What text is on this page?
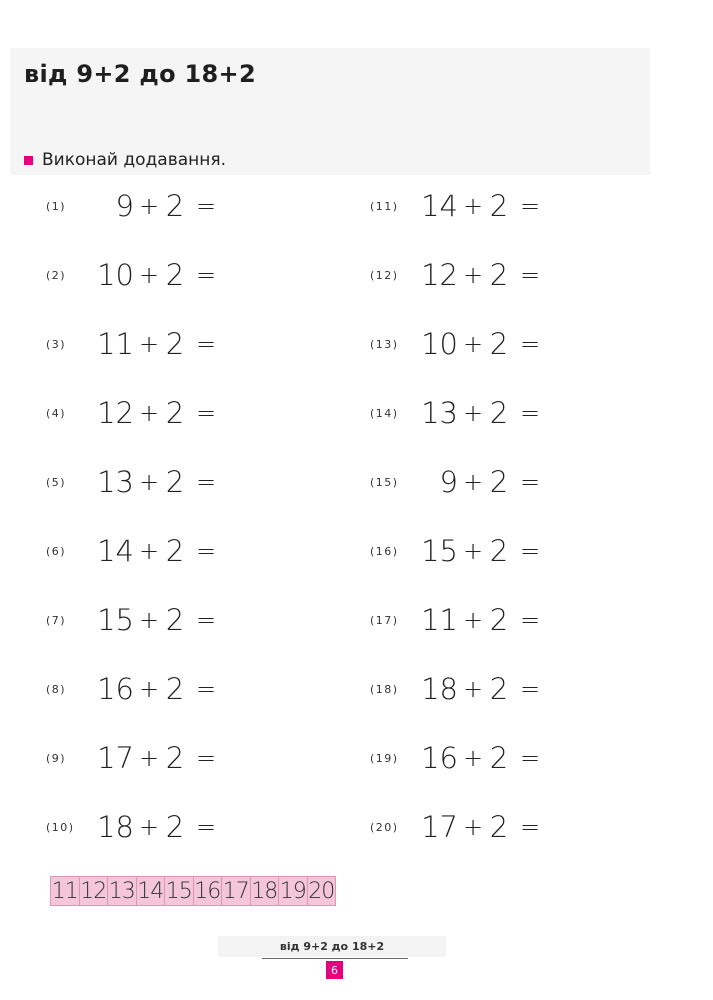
від 9+2 до 18+2
Виконай додавання.
(1)	9 + 2 =
(2)	10 + 2 =
(3)	11 + 2 =
(4)	12 + 2 =
(5)	13 + 2 =
(6)	14 + 2 =
(7)	15 + 2 =
(8)	16 + 2 =
(9)	17 + 2 =
(10) 18 + 2 =
(11) 14 + 2 =
(12) 12 + 2 =
(13) 10 + 2 =
(14) 13 + 2 =
(15)	9 + 2 =
(16) 15 + 2 =
(17) 11 + 2 =
(18) 18 + 2 =
(19) 16 + 2 =
(20) 17 + 2 =
11 12 13 14 15 16 17 18 19 20
від 9+2 до 18+2
6
